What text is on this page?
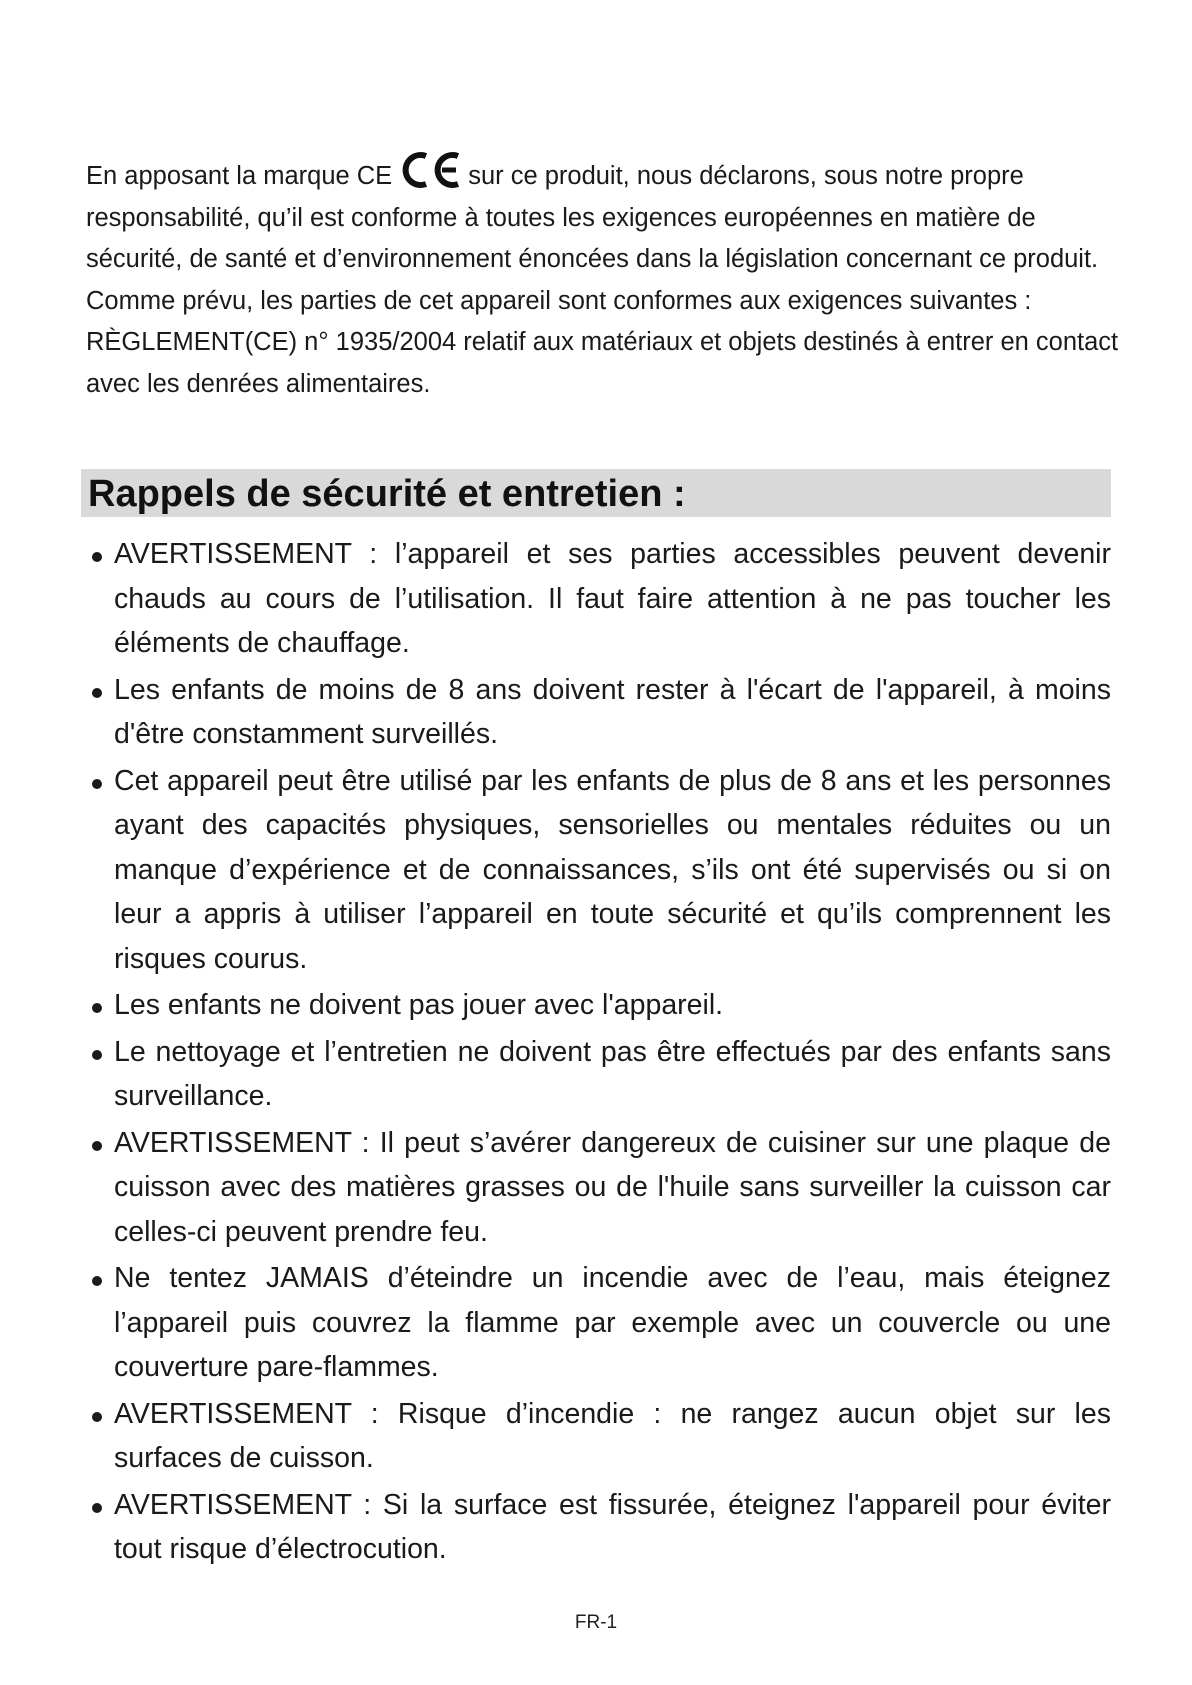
En apposant la marque CE	sur ce produit, nous déclarons, sous notre propre responsabilité, qu’il est conforme à toutes les exigences européennes en matière de sécurité, de santé et d’environnement énoncées dans la législation concernant ce produit. Comme prévu, les parties de cet appareil sont conformes aux exigences suivantes : RÈGLEMENT(CE) n° 1935/2004 relatif aux matériaux et objets destinés à entrer en contact avec les denrées alimentaires.

Rappels de sécurité et entretien :
AVERTISSEMENT : l’appareil et ses parties accessibles peuvent devenir chauds au cours de l’utilisation. Il faut faire attention à ne pas toucher les éléments de chauffage.
Les enfants de moins de 8 ans doivent rester à l'écart de l'appareil, à moins d'être constamment surveillés.
Cet appareil peut être utilisé par les enfants de plus de 8 ans et les personnes ayant des capacités physiques, sensorielles ou mentales réduites ou un manque d’expérience et de connaissances, s’ils ont été supervisés ou si on leur a appris à utiliser l’appareil en toute sécurité et qu’ils comprennent les risques courus.
Les enfants ne doivent pas jouer avec l'appareil.
Le nettoyage et l’entretien ne doivent pas être effectués par des enfants sans surveillance.
AVERTISSEMENT : Il peut s’avérer dangereux de cuisiner sur une plaque de cuisson avec des matières grasses ou de l'huile sans surveiller la cuisson car celles-ci peuvent prendre feu.
Ne tentez JAMAIS d’éteindre un incendie avec de l’eau, mais éteignez l’appareil puis couvrez la flamme par exemple avec un couvercle ou une couverture pare-flammes.
AVERTISSEMENT : Risque d’incendie : ne rangez aucun objet sur les surfaces de cuisson.
AVERTISSEMENT : Si la surface est fissurée, éteignez l'appareil pour éviter tout risque d’électrocution.
FR-1
